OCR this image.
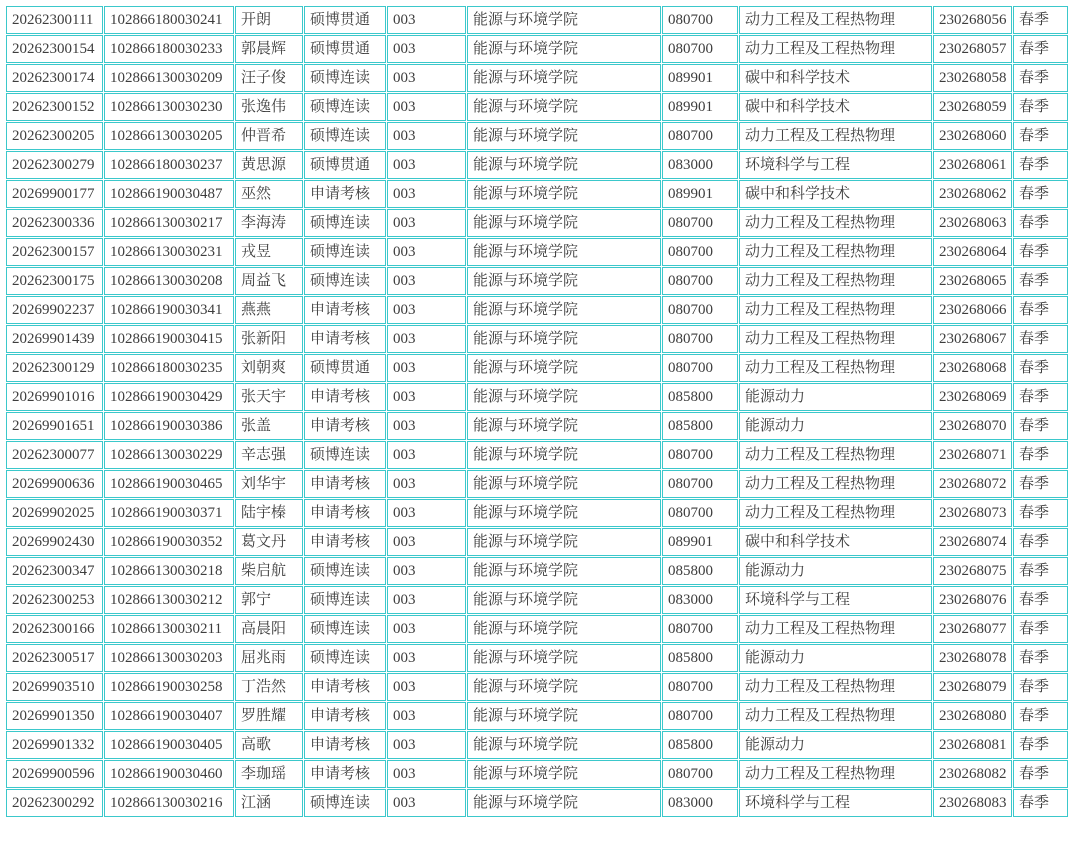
20262300111	102866180030241	开朗	硕博贯通	003	能源与环境学院	080700	动力工程及工程热物理	230268056	春季
20262300154	102866180030233	郭晨辉	硕博贯通	003	能源与环境学院	080700	动力工程及工程热物理	230268057	春季
20262300174	102866130030209	汪子俊	硕博连读	003	能源与环境学院	089901	碳中和科学技术	230268058	春季
20262300152	102866130030230	张逸伟	硕博连读	003	能源与环境学院	089901	碳中和科学技术	230268059	春季
20262300205	102866130030205	仲晋希	硕博连读	003	能源与环境学院	080700	动力工程及工程热物理	230268060	春季
20262300279	102866180030237	黄思源	硕博贯通	003	能源与环境学院	083000	环境科学与工程	230268061	春季
20269900177	102866190030487	巫然	申请考核	003	能源与环境学院	089901	碳中和科学技术	230268062	春季
20262300336	102866130030217	李海涛	硕博连读	003	能源与环境学院	080700	动力工程及工程热物理	230268063	春季
20262300157	102866130030231	戎昱	硕博连读	003	能源与环境学院	080700	动力工程及工程热物理	230268064	春季
20262300175	102866130030208	周益飞	硕博连读	003	能源与环境学院	080700	动力工程及工程热物理	230268065	春季
20269902237	102866190030341	燕燕	申请考核	003	能源与环境学院	080700	动力工程及工程热物理	230268066	春季
20269901439	102866190030415	张新阳	申请考核	003	能源与环境学院	080700	动力工程及工程热物理	230268067	春季
20262300129	102866180030235	刘朝爽	硕博贯通	003	能源与环境学院	080700	动力工程及工程热物理	230268068	春季
20269901016	102866190030429	张天宇	申请考核	003	能源与环境学院	085800	能源动力	230268069	春季
20269901651	102866190030386	张盖	申请考核	003	能源与环境学院	085800	能源动力	230268070	春季
20262300077	102866130030229	辛志强	硕博连读	003	能源与环境学院	080700	动力工程及工程热物理	230268071	春季
20269900636	102866190030465	刘华宇	申请考核	003	能源与环境学院	080700	动力工程及工程热物理	230268072	春季
20269902025	102866190030371	陆宇榛	申请考核	003	能源与环境学院	080700	动力工程及工程热物理	230268073	春季
20269902430	102866190030352	葛文丹	申请考核	003	能源与环境学院	089901	碳中和科学技术	230268074	春季
20262300347	102866130030218	柴启航	硕博连读	003	能源与环境学院	085800	能源动力	230268075	春季
20262300253	102866130030212	郭宁	硕博连读	003	能源与环境学院	083000	环境科学与工程	230268076	春季
20262300166	102866130030211	高晨阳	硕博连读	003	能源与环境学院	080700	动力工程及工程热物理	230268077	春季
20262300517	102866130030203	屈兆雨	硕博连读	003	能源与环境学院	085800	能源动力	230268078	春季
20269903510	102866190030258	丁浩然	申请考核	003	能源与环境学院	080700	动力工程及工程热物理	230268079	春季
20269901350	102866190030407	罗胜耀	申请考核	003	能源与环境学院	080700	动力工程及工程热物理	230268080	春季
20269901332	102866190030405	高歌	申请考核	003	能源与环境学院	085800	能源动力	230268081	春季
20269900596	102866190030460	李珈瑶	申请考核	003	能源与环境学院	080700	动力工程及工程热物理	230268082	春季
20262300292	102866130030216	江涵	硕博连读	003	能源与环境学院	083000	环境科学与工程	230268083	春季
